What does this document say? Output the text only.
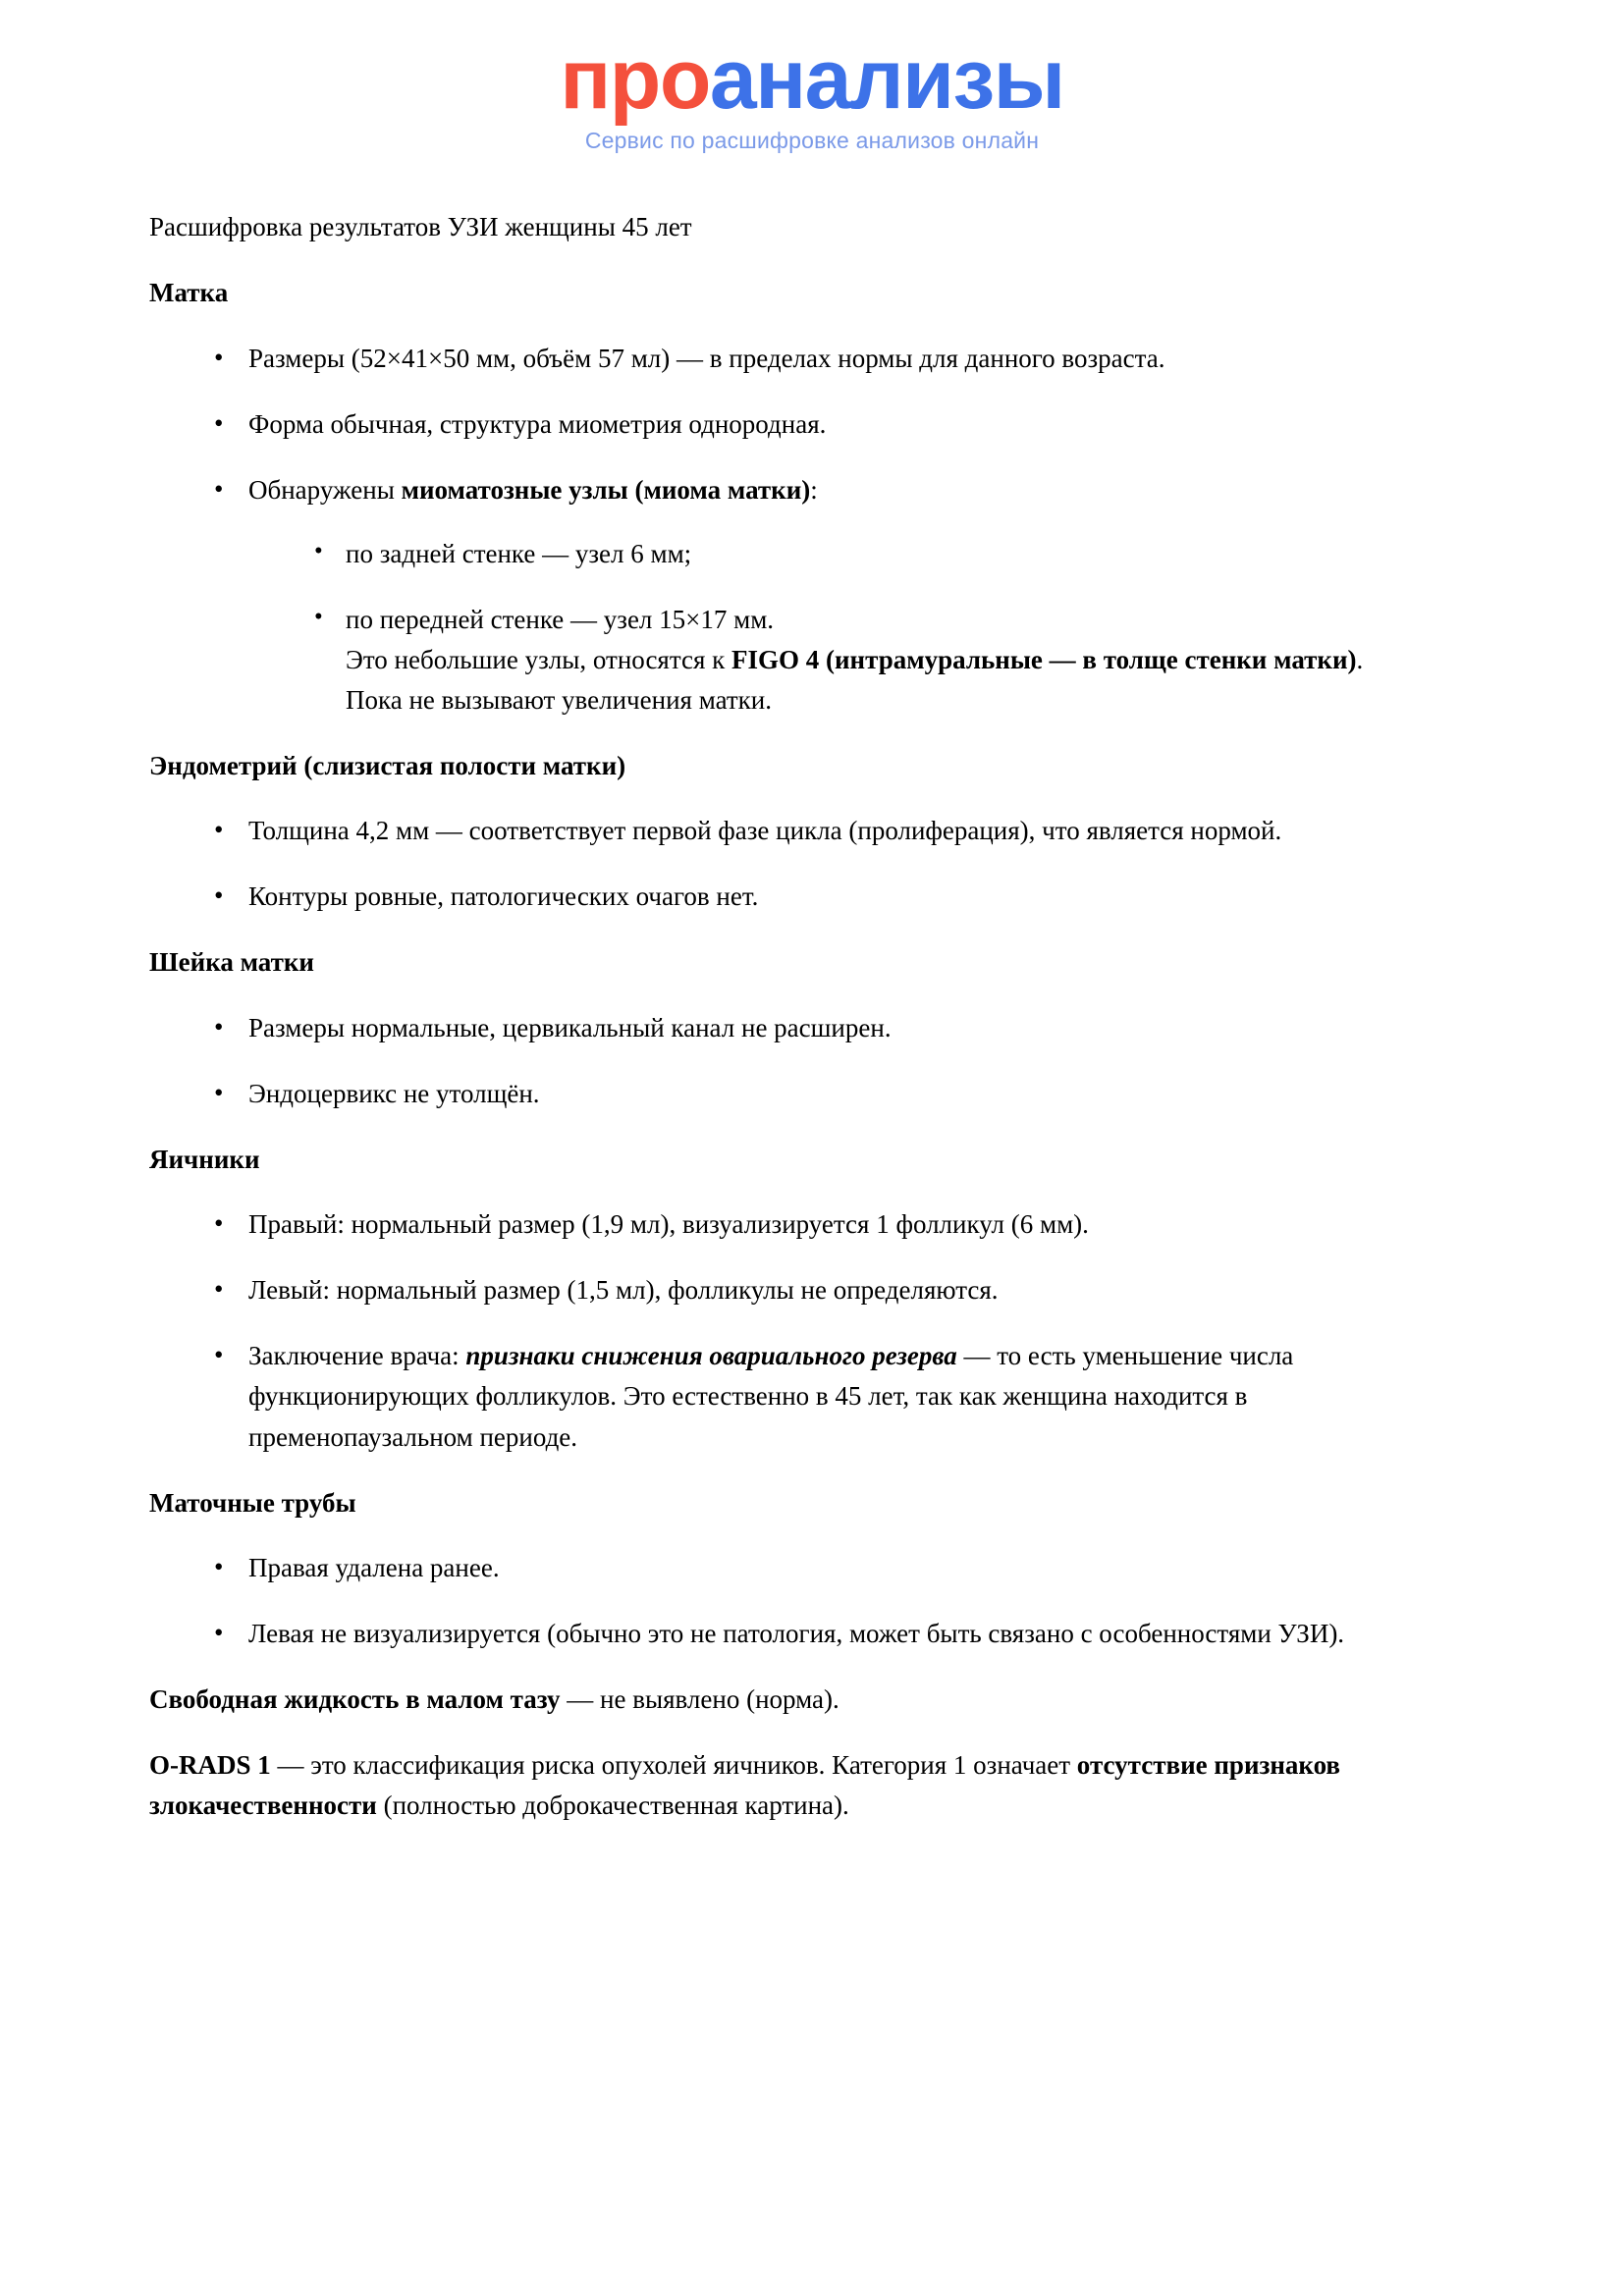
проанализы
Сервис по расшифровке анализов онлайн

Расшифровка результатов УЗИ женщины 45 лет

Матка
• Размеры (52×41×50 мм, объём 57 мл) — в пределах нормы для данного возраста.
• Форма обычная, структура миометрия однородная.
• Обнаружены миоматозные узлы (миома матки):
• по задней стенке — узел 6 мм;
• по передней стенке — узел 15×17 мм.
Это небольшие узлы, относятся к FIGO 4 (интрамуральные — в толще стенки матки).
Пока не вызывают увеличения матки.
Эндометрий (слизистая полости матки)
• Толщина 4,2 мм — соответствует первой фазе цикла (пролиферация), что является нормой.
• Контуры ровные, патологических очагов нет.
Шейка матки
• Размеры нормальные, цервикальный канал не расширен.
• Эндоцервикс не утолщён.
Яичники
• Правый: нормальный размер (1,9 мл), визуализируется 1 фолликул (6 мм).
• Левый: нормальный размер (1,5 мл), фолликулы не определяются.
• Заключение врача: признаки снижения овариального резерва — то есть уменьшение числа функционирующих фолликулов. Это естественно в 45 лет, так как женщина находится в пременопаузальном периоде.
Маточные трубы
• Правая удалена ранее.
• Левая не визуализируется (обычно это не патология, может быть связано с особенностями УЗИ).

Свободная жидкость в малом тазу — не выявлено (норма).

O-RADS 1 — это классификация риска опухолей яичников. Категория 1 означает отсутствие признаков злокачественности (полностью доброкачественная картина).
